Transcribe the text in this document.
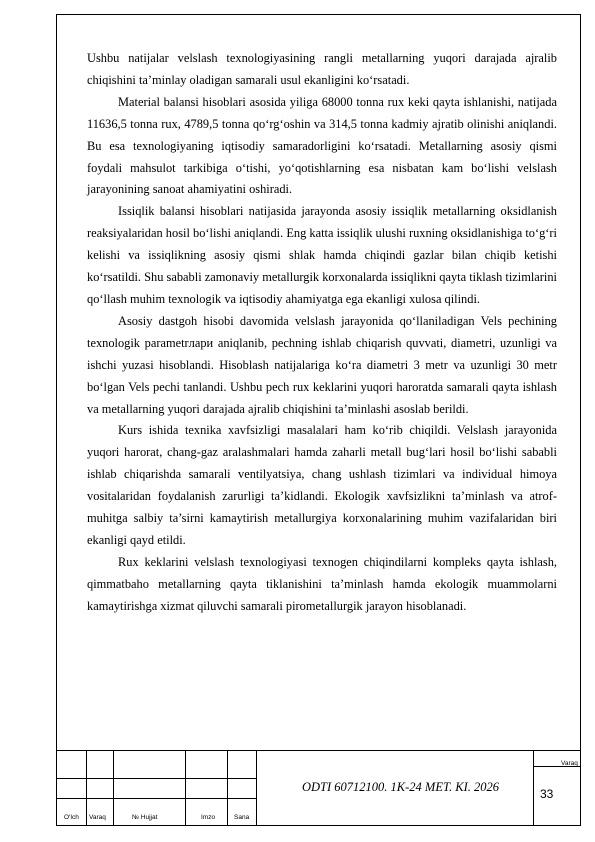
Ushbu natijalar velslash texnologiyasining rangli metallarning yuqori darajada ajralib chiqishini ta’minlay oladigan samarali usul ekanligini ko‘rsatadi.

Material balansi hisoblari asosida yiliga 68000 tonna rux keki qayta ishlanishi, natijada 11636,5 tonna rux, 4789,5 tonna qo‘rg‘oshin va 314,5 tonna kadmiy ajratib olinishi aniqlandi. Bu esa texnologiyaning iqtisodiy samaradorligini ko‘rsatadi. Metallarning asosiy qismi foydali mahsulot tarkibiga o‘tishi, yo‘qotishlarning esa nisbatan kam bo‘lishi velslash jarayonining sanoat ahamiyatini oshiradi.

Issiqlik balansi hisoblari natijasida jarayonda asosiy issiqlik metallarning oksidlanish reaksiyalaridan hosil bo‘lishi aniqlandi. Eng katta issiqlik ulushi ruxning oksidlanishiga to‘g‘ri kelishi va issiqlikning asosiy qismi shlak hamda chiqindi gazlar bilan chiqib ketishi ko‘rsatildi. Shu sababli zamonaviy metallurgik korxonalarda issiqlikni qayta tiklash tizimlarini qo‘llash muhim texnologik va iqtisodiy ahamiyatga ega ekanligi xulosa qilindi.

Asosiy dastgoh hisobi davomida velslash jarayonida qo‘llaniladigan Vels pechining texnologik parametrлари aniqlanib, pechning ishlab chiqarish quvvati, diametri, uzunligi va ishchi yuzasi hisoblandi. Hisoblash natijalariga ko‘ra diametri 3 metr va uzunligi 30 metr bo‘lgan Vels pechi tanlandi. Ushbu pech rux keklarini yuqori haroratda samarali qayta ishlash va metallarning yuqori darajada ajralib chiqishini ta’minlashi asoslab berildi.

Kurs ishida texnika xavfsizligi masalalari ham ko‘rib chiqildi. Velslash jarayonida yuqori harorat, chang-gaz aralashmalari hamda zaharli metall bug‘lari hosil bo‘lishi sababli ishlab chiqarishda samarali ventilyatsiya, chang ushlash tizimlari va individual himoya vositalaridan foydalanish zarurligi ta’kidlandi. Ekologik xavfsizlikni ta’minlash va atrof-muhitga salbiy ta’sirni kamaytirish metallurgiya korxonalarining muhim vazifalaridan biri ekanligi qayd etildi.

Rux keklarini velslash texnologiyasi texnogen chiqindilarni kompleks qayta ishlash, qimmatbaho metallarning qayta tiklanishini ta’minlash hamda ekologik muammolarni kamaytirishga xizmat qiluvchi samarali pirometallurgik jarayon hisoblanadi.

O‘lch Varaq	№ Hujjat	Imzo	Sana
ODTI 60712100. 1K-24 MET. KI. 2026
Varaq
33
